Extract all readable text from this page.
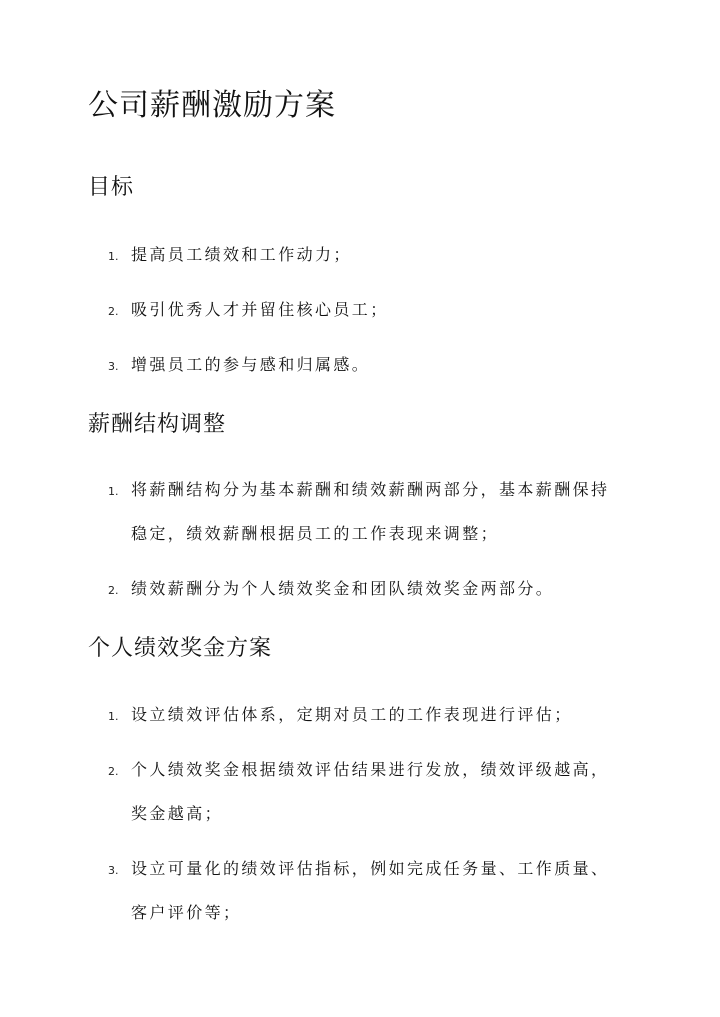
公司薪酬激励方案
目标
1. 提高员工绩效和工作动力；
2. 吸引优秀人才并留住核心员工；
3. 增强员工的参与感和归属感。
薪酬结构调整
1. 将薪酬结构分为基本薪酬和绩效薪酬两部分，基本薪酬保持
稳定，绩效薪酬根据员工的工作表现来调整；
2. 绩效薪酬分为个人绩效奖金和团队绩效奖金两部分。
个人绩效奖金方案
1. 设立绩效评估体系，定期对员工的工作表现进行评估；
2. 个人绩效奖金根据绩效评估结果进行发放，绩效评级越高，
奖金越高；
3. 设立可量化的绩效评估指标，例如完成任务量、工作质量、
客户评价等；
